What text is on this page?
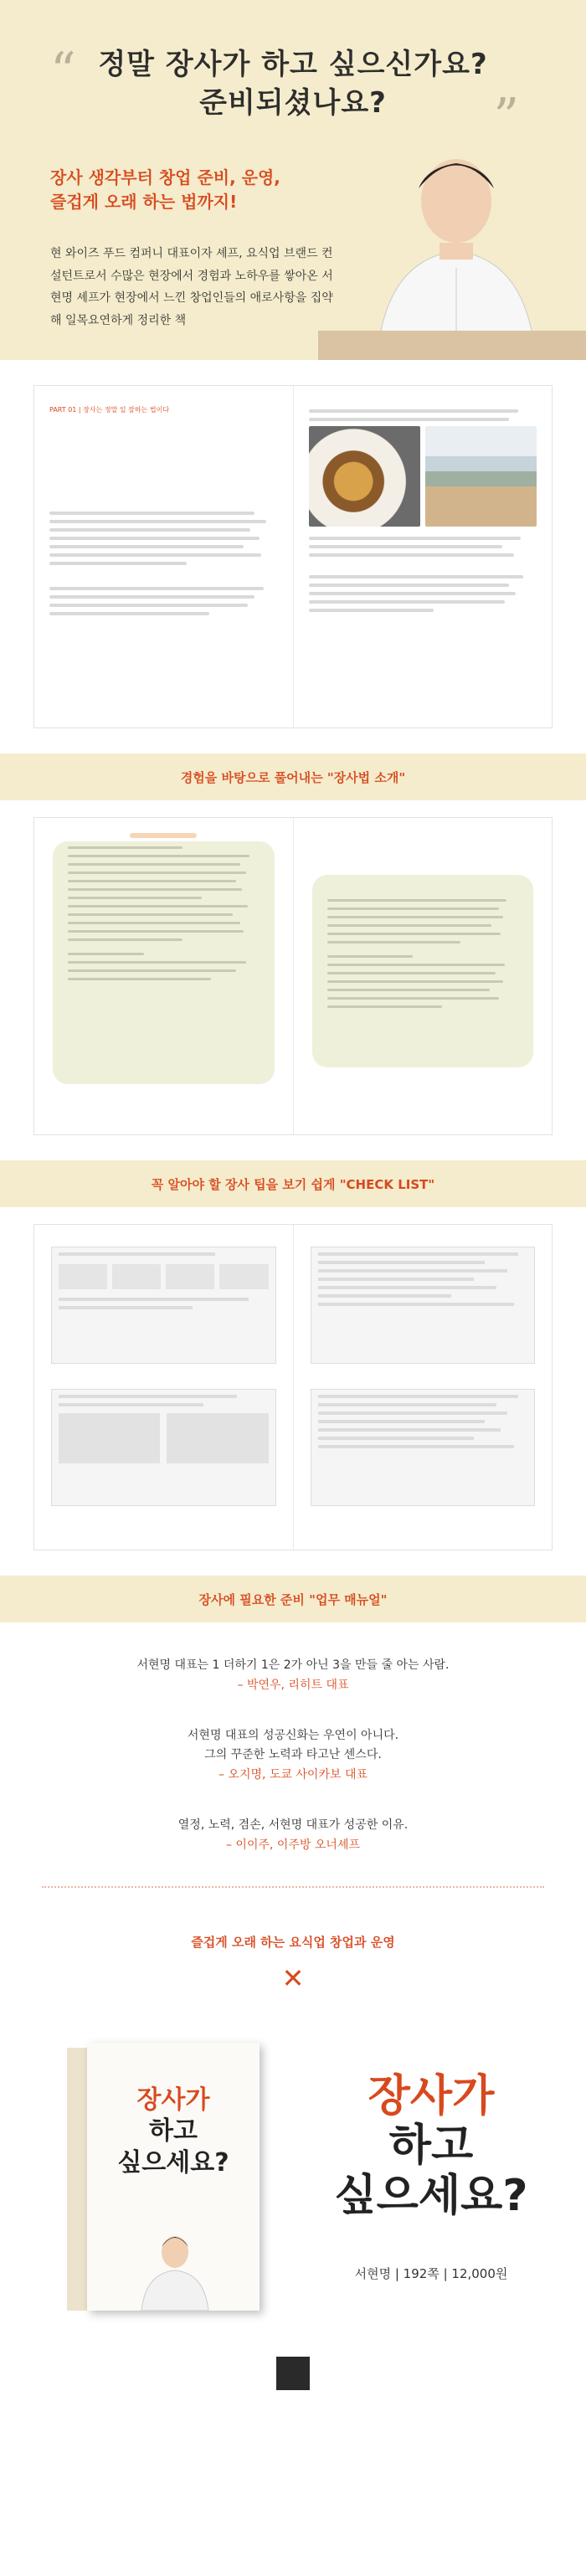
“
”
정말 장사가 하고 싶으신가요?
준비되셨나요?
장사 생각부터 창업 준비, 운영,
즐겁게 오래 하는 법까지!

현 와이즈 푸드 컴퍼니 대표이자 셰프, 요식업 브랜드 컨설턴트로서 수많은 현장에서 경험과 노하우를 쌓아온 서현명 셰프가 현장에서 느낀 창업인들의 애로사항을 집약해 일목요연하게 정리한 책

PART 01 | 장사는 정말 일 잘하는 법이다
경험을 바탕으로 풀어내는 "장사법 소개"
꼭 알아야 할 장사 팁을 보기 쉽게 "CHECK LIST"
장사에 필요한 준비 "업무 매뉴얼"
서현명 대표는 1 더하기 1은 2가 아닌 3을 만들 줄 아는 사람.
– 박연우, 리히트 대표
서현명 대표의 성공신화는 우연이 아니다.
그의 꾸준한 노력과 타고난 센스다.
– 오지명, 도쿄 사이카보 대표
열정, 노력, 겸손, 서현명 대표가 성공한 이유.
– 이이주, 이주방 오너셰프
즐겁게 오래 하는 요식업 창업과 운영
✕
장사가
하고
싶으세요?
장사가
하고
싶으세요?
서현명 | 192쪽 | 12,000원
